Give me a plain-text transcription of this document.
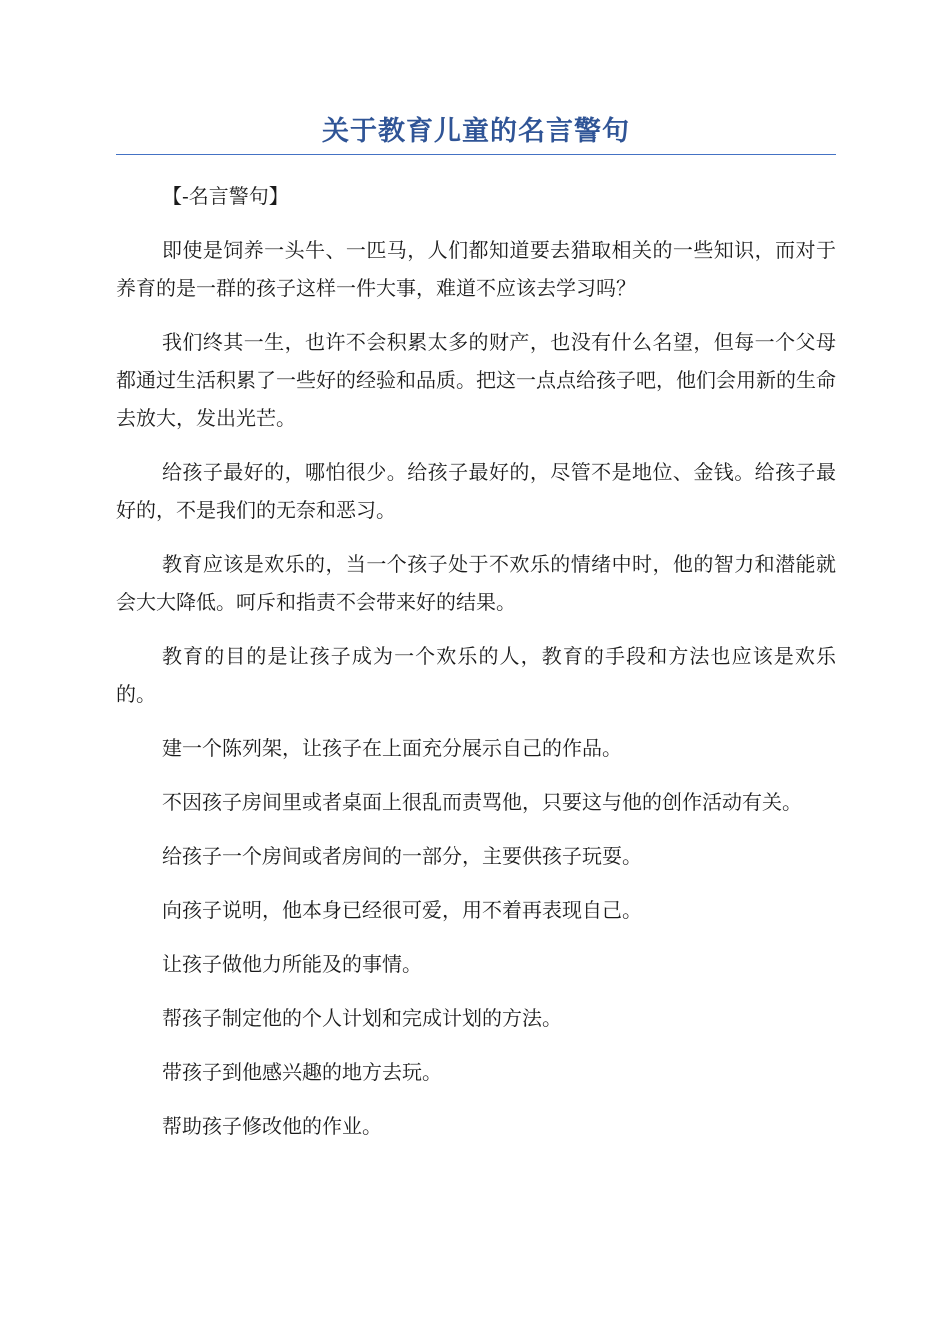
关于教育儿童的名言警句

【-名言警句】

即使是饲养一头牛、一匹马，人们都知道要去猎取相关的一些知识，而对于养育的是一群的孩子这样一件大事，难道不应该去学习吗？

我们终其一生，也许不会积累太多的财产，也没有什么名望，但每一个父母都通过生活积累了一些好的经验和品质。把这一点点给孩子吧，他们会用新的生命去放大，发出光芒。

给孩子最好的，哪怕很少。给孩子最好的，尽管不是地位、金钱。给孩子最好的，不是我们的无奈和恶习。

教育应该是欢乐的，当一个孩子处于不欢乐的情绪中时，他的智力和潜能就会大大降低。呵斥和指责不会带来好的结果。

教育的目的是让孩子成为一个欢乐的人，教育的手段和方法也应该是欢乐的。

建一个陈列架，让孩子在上面充分展示自己的作品。

不因孩子房间里或者桌面上很乱而责骂他，只要这与他的创作活动有关。

给孩子一个房间或者房间的一部分，主要供孩子玩耍。

向孩子说明，他本身已经很可爱，用不着再表现自己。

让孩子做他力所能及的事情。

帮孩子制定他的个人计划和完成计划的方法。

带孩子到他感兴趣的地方去玩。

帮助孩子修改他的作业。
